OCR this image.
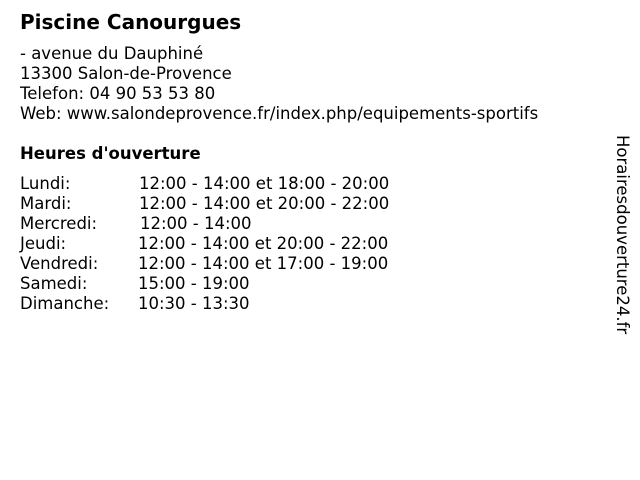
Piscine Canourgues
- avenue du Dauphiné
13300 Salon-de-Provence
Telefon: 04 90 53 53 80
Web: www.salondeprovence.fr/index.php/equipements-sportifs
Heures d'ouverture
Lundi:	12:00 - 14:00 et 18:00 - 20:00
Mardi:	12:00 - 14:00 et 20:00 - 22:00
Mercredi:	12:00 - 14:00
Jeudi:	12:00 - 14:00 et 20:00 - 22:00
Vendredi: 12:00 - 14:00 et 17:00 - 19:00
Samedi:	15:00 - 19:00
Dimanche: 10:30 - 13:30	Horairesdouverture24.fr
